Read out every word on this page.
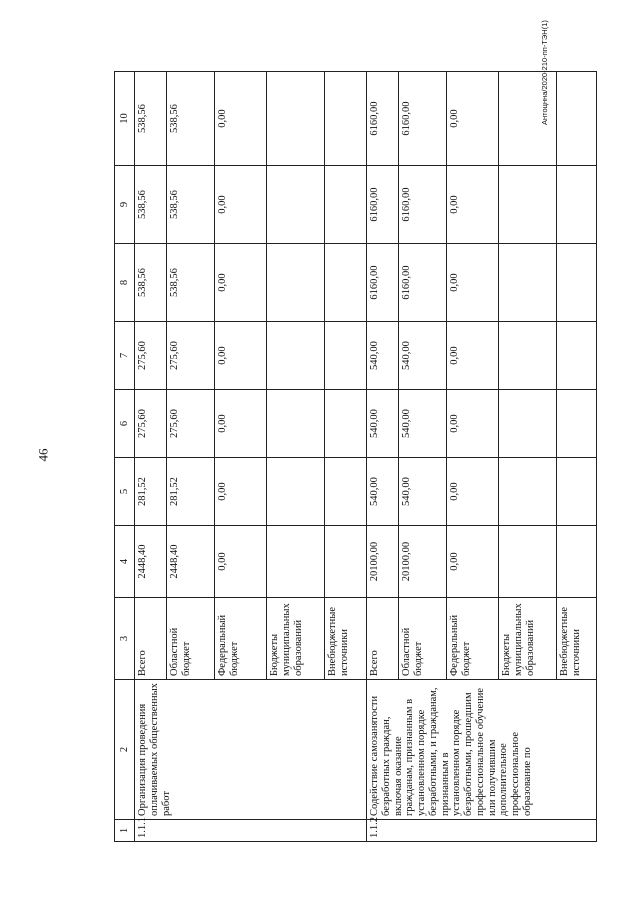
46
Антоцнна/2020-210-пп-ТЭН(1)
1	2	3	4	5	6	7	8	9	10
1.1.1	Организация проведения оплачиваемых общественных работ	Всего	2448,40	281,52	275,60	275,60	538,56	538,56	538,56
		Областной бюджет	2448,40	281,52	275,60	275,60	538,56	538,56	538,56
		Федеральный бюджет	0,00	0,00	0,00	0,00	0,00	0,00	0,00
		Бюджеты муниципальных образований							
		Внебюджетные источники							
1.1.2	Содействие самозанятости безработных граждан, включая оказание гражданам, признанным в установленном порядке безработными, и гражданам, признанным в установленном порядке безработными, прошедшим профессиональное обучение или получившим дополнительное профессиональное образование по	Всего	20100,00	540,00	540,00	540,00	6160,00	6160,00	6160,00
		Областной бюджет	20100,00	540,00	540,00	540,00	6160,00	6160,00	6160,00
		Федеральный бюджет	0,00	0,00	0,00	0,00	0,00	0,00	0,00
		Бюджеты муниципальных образований							
		Внебюджетные источники							
